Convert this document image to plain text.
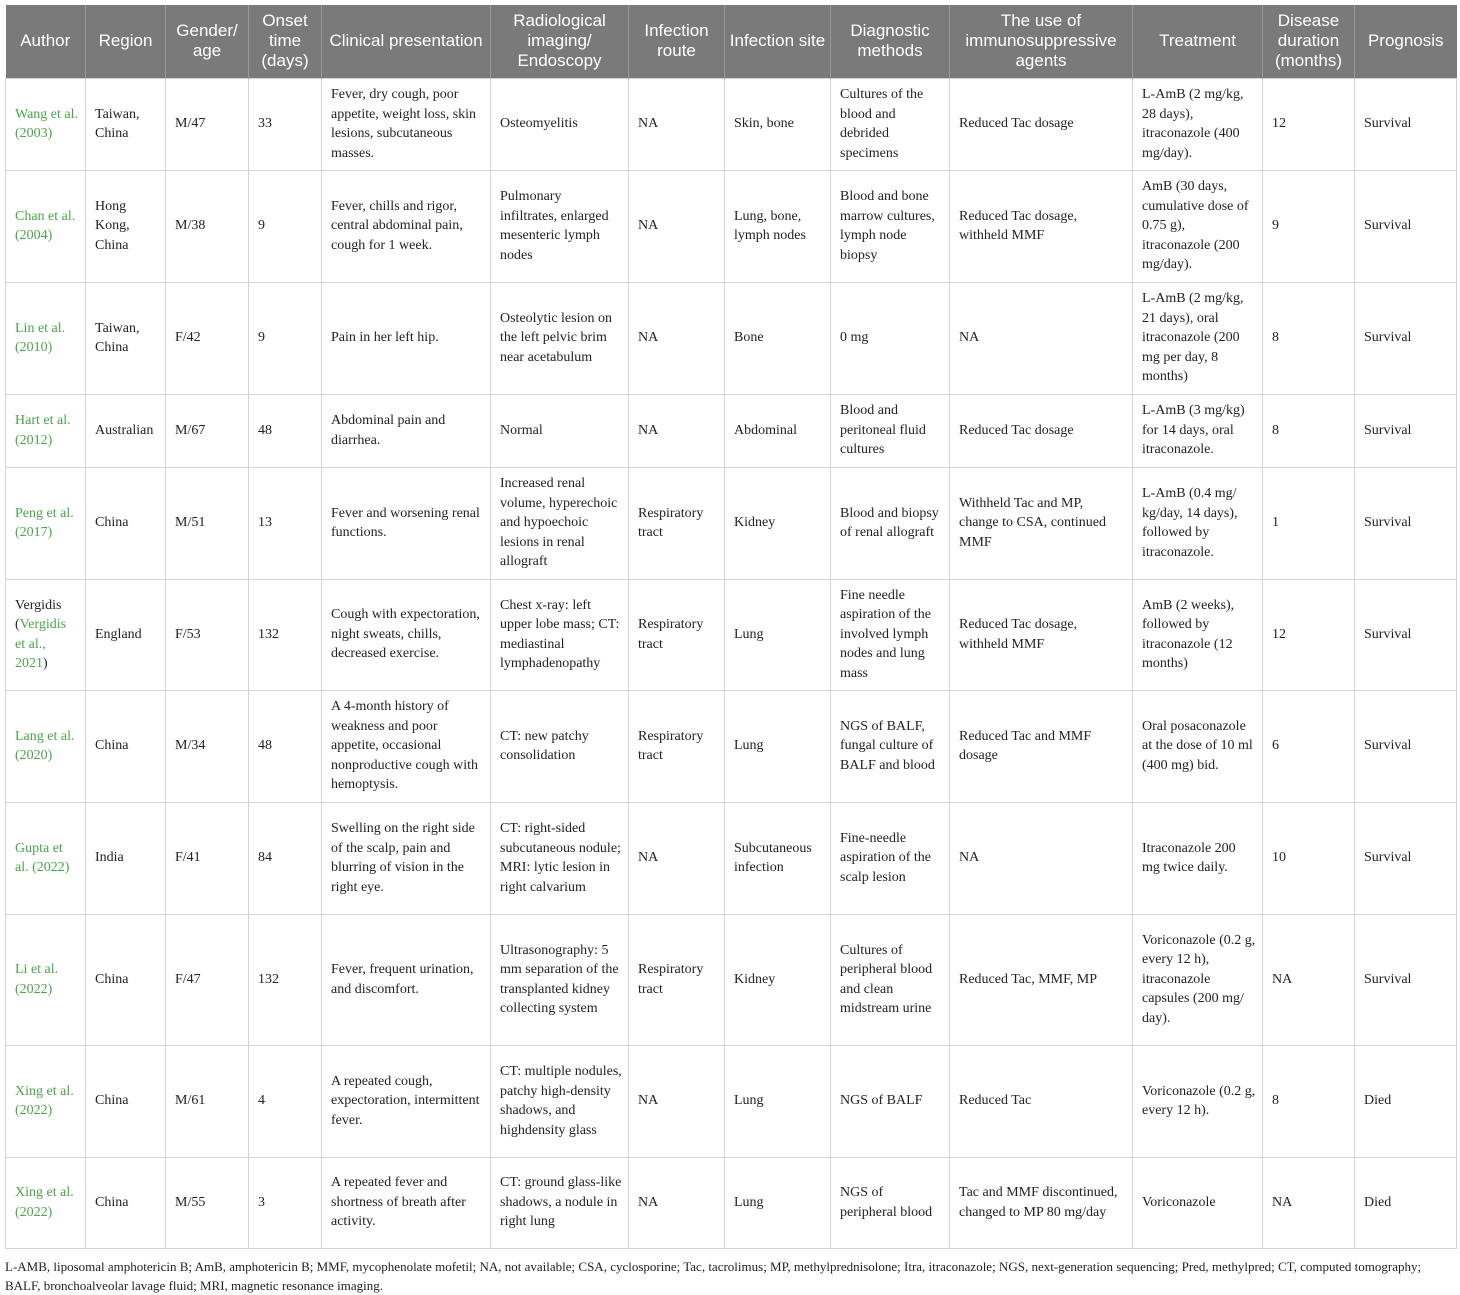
Author	Region	Gender/ age	Onset time (days)	Clinical presentation	Radiological imaging/ Endoscopy	Infection route	Infection site	Diagnostic methods	The use of immunosuppressive agents	Treatment	Disease duration (months)	Prognosis
Wang et al. (2003)	Taiwan, China	M/47	33	Fever, dry cough, poor appetite, weight loss, skin lesions, subcutaneous masses.	Osteomyelitis	NA	Skin, bone	Cultures of the blood and debrided specimens	Reduced Tac dosage	L-AmB (2 mg/kg, 28 days), itraconazole (400 mg/day).	12	Survival
Chan et al. (2004)	Hong Kong, China	M/38	9	Fever, chills and rigor, central abdominal pain, cough for 1 week.	Pulmonary infiltrates, enlarged mesenteric lymph nodes	NA	Lung, bone, lymph nodes	Blood and bone marrow cultures, lymph node biopsy	Reduced Tac dosage, withheld MMF	AmB (30 days, cumulative dose of 0.75 g), itraconazole (200 mg/day).	9	Survival
Lin et al. (2010)	Taiwan, China	F/42	9	Pain in her left hip.	Osteolytic lesion on the left pelvic brim near acetabulum	NA	Bone	0 mg	NA	L-AmB (2 mg/kg, 21 days), oral itraconazole (200 mg per day, 8 months)	8	Survival
Hart et al. (2012)	Australian	M/67	48	Abdominal pain and diarrhea.	Normal	NA	Abdominal	Blood and peritoneal fluid cultures	Reduced Tac dosage	L-AmB (3 mg/kg) for 14 days, oral itraconazole.	8	Survival
Peng et al. (2017)	China	M/51	13	Fever and worsening renal functions.	Increased renal volume, hyperechoic and hypoechoic lesions in renal allograft	Respiratory tract	Kidney	Blood and biopsy of renal allograft	Withheld Tac and MP, change to CSA, continued MMF	L-AmB (0.4 mg/ kg/day, 14 days), followed by itraconazole.	1	Survival
Vergidis (Vergidis et al., 2021)	England	F/53	132	Cough with expectoration, night sweats, chills, decreased exercise.	Chest x-ray: left upper lobe mass; CT: mediastinal lymphadenopathy	Respiratory tract	Lung	Fine needle aspiration of the involved lymph nodes and lung mass	Reduced Tac dosage, withheld MMF	AmB (2 weeks), followed by itraconazole (12 months)	12	Survival
Lang et al. (2020)	China	M/34	48	A 4-month history of weakness and poor appetite, occasional nonproductive cough with hemoptysis.	CT: new patchy consolidation	Respiratory tract	Lung	NGS of BALF, fungal culture of BALF and blood	Reduced Tac and MMF dosage	Oral posaconazole at the dose of 10 ml (400 mg) bid.	6	Survival
Gupta et al. (2022)	India	F/41	84	Swelling on the right side of the scalp, pain and blurring of vision in the right eye.	CT: right-sided subcutaneous nodule; MRI: lytic lesion in right calvarium	NA	Subcutaneous infection	Fine-needle aspiration of the scalp lesion	NA	Itraconazole 200 mg twice daily.	10	Survival
Li et al. (2022)	China	F/47	132	Fever, frequent urination, and discomfort.	Ultrasonography: 5 mm separation of the transplanted kidney collecting system	Respiratory tract	Kidney	Cultures of peripheral blood and clean midstream urine	Reduced Tac, MMF, MP	Voriconazole (0.2 g, every 12 h), itraconazole capsules (200 mg/ day).	NA	Survival
Xing et al. (2022)	China	M/61	4	A repeated cough, expectoration, intermittent fever.	CT: multiple nodules, patchy high-density shadows, and highdensity glass	NA	Lung	NGS of BALF	Reduced Tac	Voriconazole (0.2 g, every 12 h).	8	Died
Xing et al. (2022)	China	M/55	3	A repeated fever and shortness of breath after activity.	CT: ground glass-like shadows, a nodule in right lung	NA	Lung	NGS of peripheral blood	Tac and MMF discontinued, changed to MP 80 mg/day	Voriconazole	NA	Died
L-AMB, liposomal amphotericin B; AmB, amphotericin B; MMF, mycophenolate mofetil; NA, not available; CSA, cyclosporine; Tac, tacrolimus; MP, methylprednisolone; Itra, itraconazole; NGS, next-generation sequencing; Pred, methylpred; CT, computed tomography; BALF, bronchoalveolar lavage fluid; MRI, magnetic resonance imaging.
